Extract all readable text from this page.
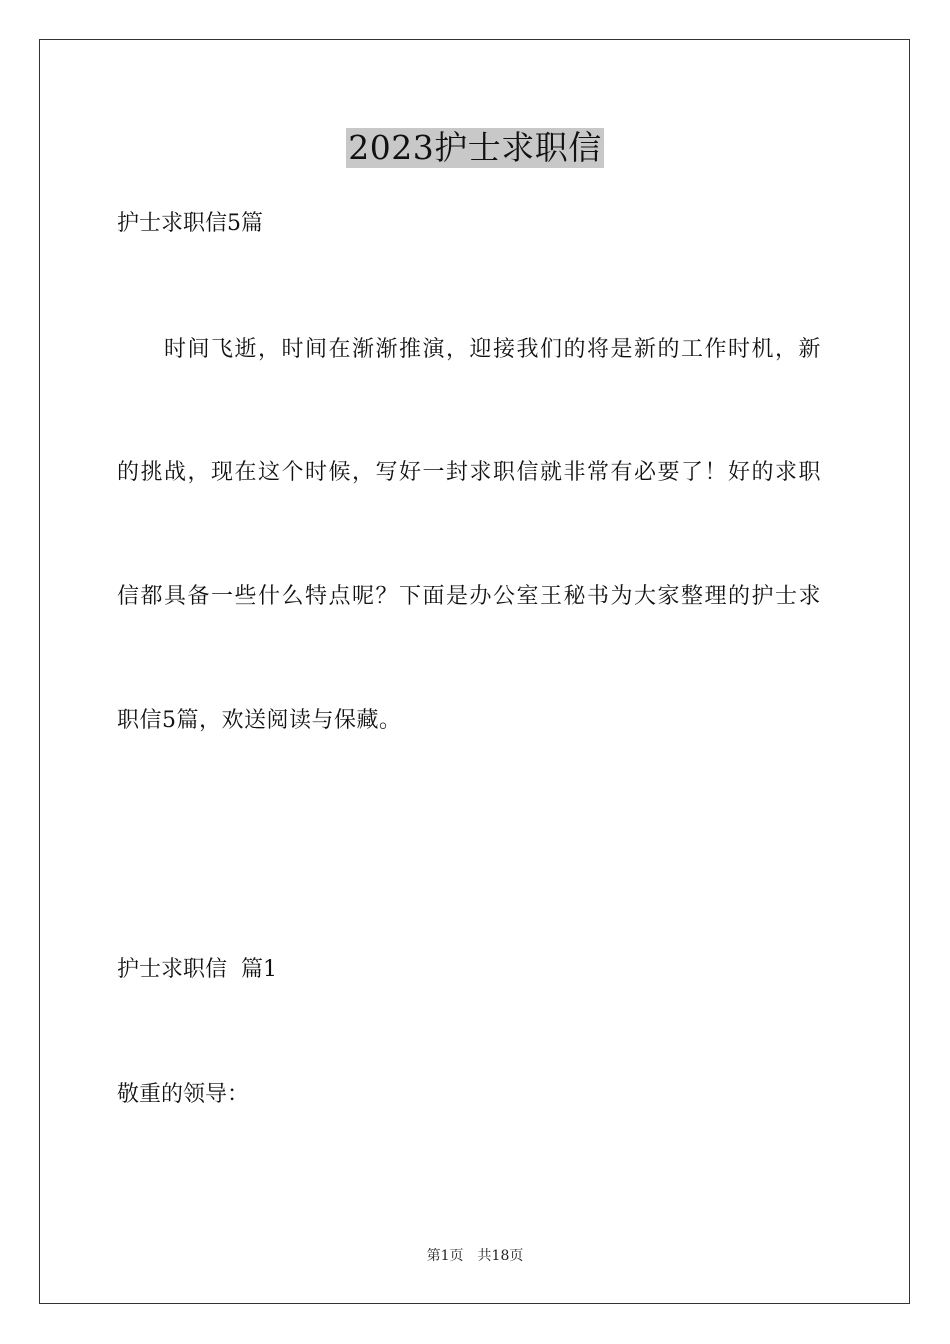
2023护士求职信
护士求职信5篇
时间飞逝，时间在渐渐推演，迎接我们的将是新的工作时机，新
的挑战，现在这个时候，写好一封求职信就非常有必要了！好的求职
信都具备一些什么特点呢？下面是办公室王秘书为大家整理的护士求
职信5篇，欢送阅读与保藏。
护士求职信  篇1
敬重的领导：
第1页 共18页
